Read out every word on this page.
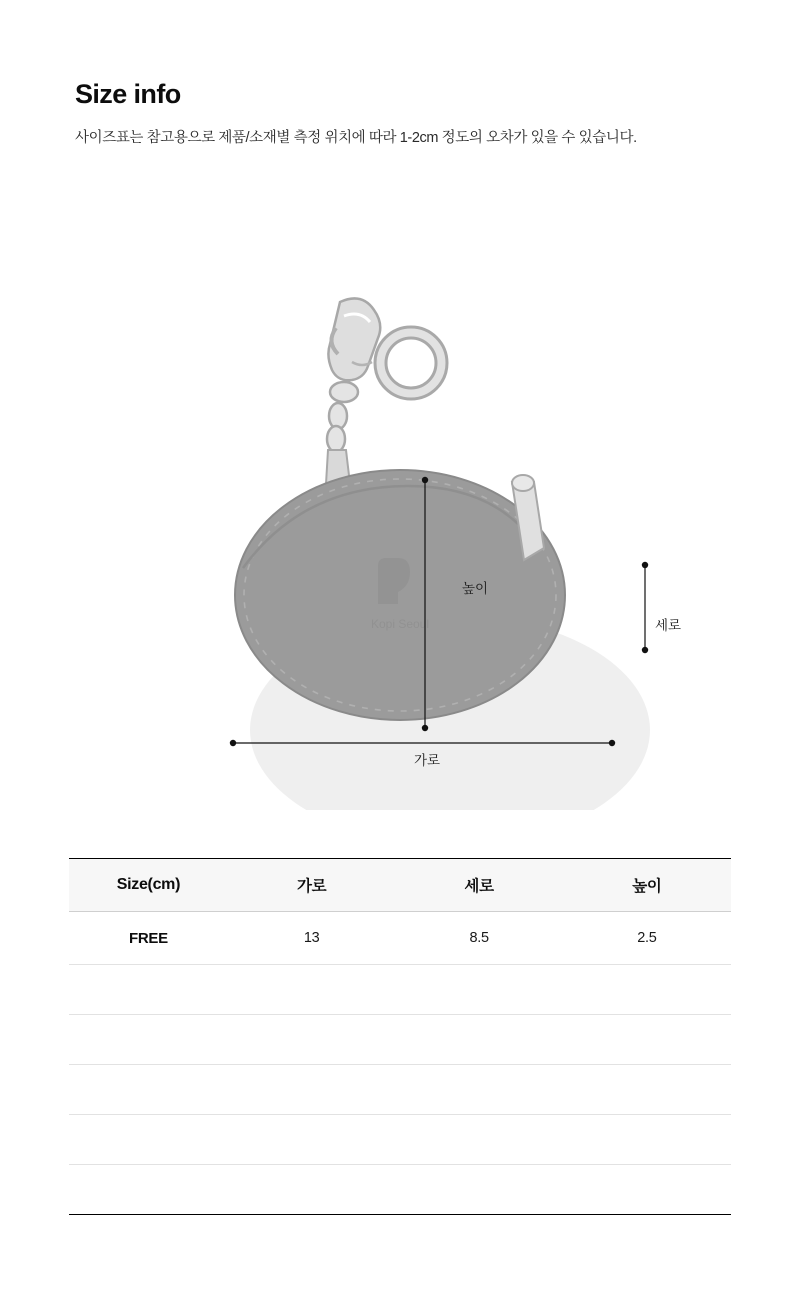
Size info

사이즈표는 참고용으로 제품/소재별 측정 위치에 따라 1-2cm 정도의 오차가 있을 수 있습니다.

Kopi Seoul
높이
세로
가로
Size(cm)	가로	세로	높이
FREE	13	8.5	2.5
